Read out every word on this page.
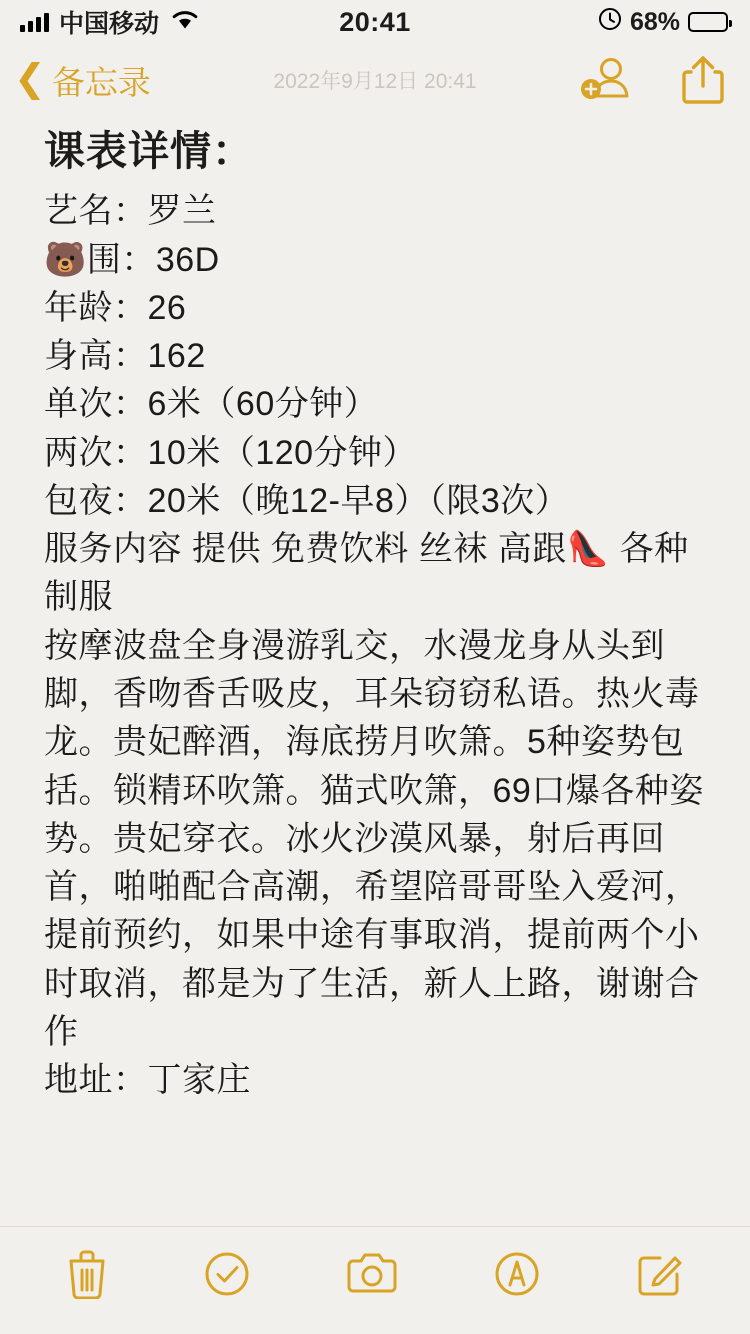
中国移动	20:41	68%
❮ 备忘录	2022年9月12日 20:41
课表详情：
艺名：罗兰
🐻围：36D
年龄：26
身高：162
单次：6米（60分钟）
两次：10米（120分钟）
包夜：20米（晚12-早8）（限3次）
服务内容 提供 免费饮料 丝袜 高跟👠 各种制服
按摩波盘全身漫游乳交，水漫龙身从头到脚，香吻香舌吸皮，耳朵窃窃私语。热火毒龙。贵妃醉酒，海底捞月吹箫。5种姿势包括。锁精环吹箫。猫式吹箫，69口爆各种姿势。贵妃穿衣。冰火沙漠风暴，射后再回首，啪啪配合高潮，希望陪哥哥坠入爱河，提前预约，如果中途有事取消，提前两个小时取消，都是为了生活，新人上路，谢谢合作
地址：丁家庄
